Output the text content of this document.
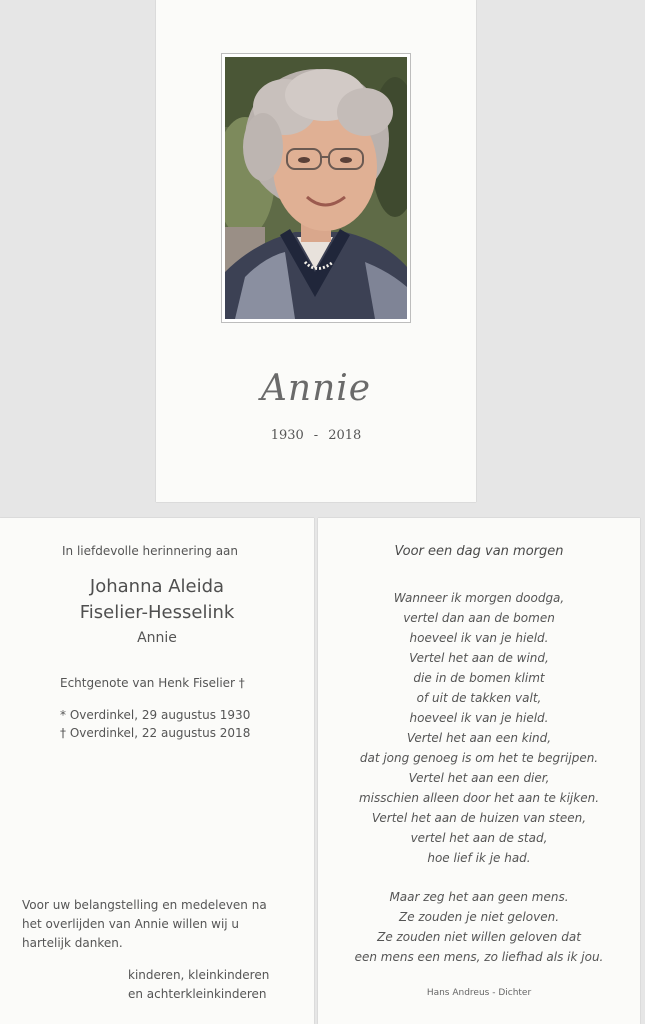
Annie
1930 - 2018
In liefdevolle herinnering aan
Johanna Aleida
Fiselier-Hesselink
Annie
Echtgenote van Henk Fiselier †
* Overdinkel, 29 augustus 1930
† Overdinkel, 22 augustus 2018
Voor uw belangstelling en medeleven na
het overlijden van Annie willen wij u
hartelijk danken.
kinderen, kleinkinderen
en achterkleinkinderen
Voor een dag van morgen
Wanneer ik morgen doodga,
vertel dan aan de bomen
hoeveel ik van je hield.
Vertel het aan de wind,
die in de bomen klimt
of uit de takken valt,
hoeveel ik van je hield.
Vertel het aan een kind,
dat jong genoeg is om het te begrijpen.
Vertel het aan een dier,
misschien alleen door het aan te kijken.
Vertel het aan de huizen van steen,
vertel het aan de stad,
hoe lief ik je had.
Maar zeg het aan geen mens.
Ze zouden je niet geloven.
Ze zouden niet willen geloven dat
een mens een mens, zo liefhad als ik jou.
Hans Andreus - Dichter
